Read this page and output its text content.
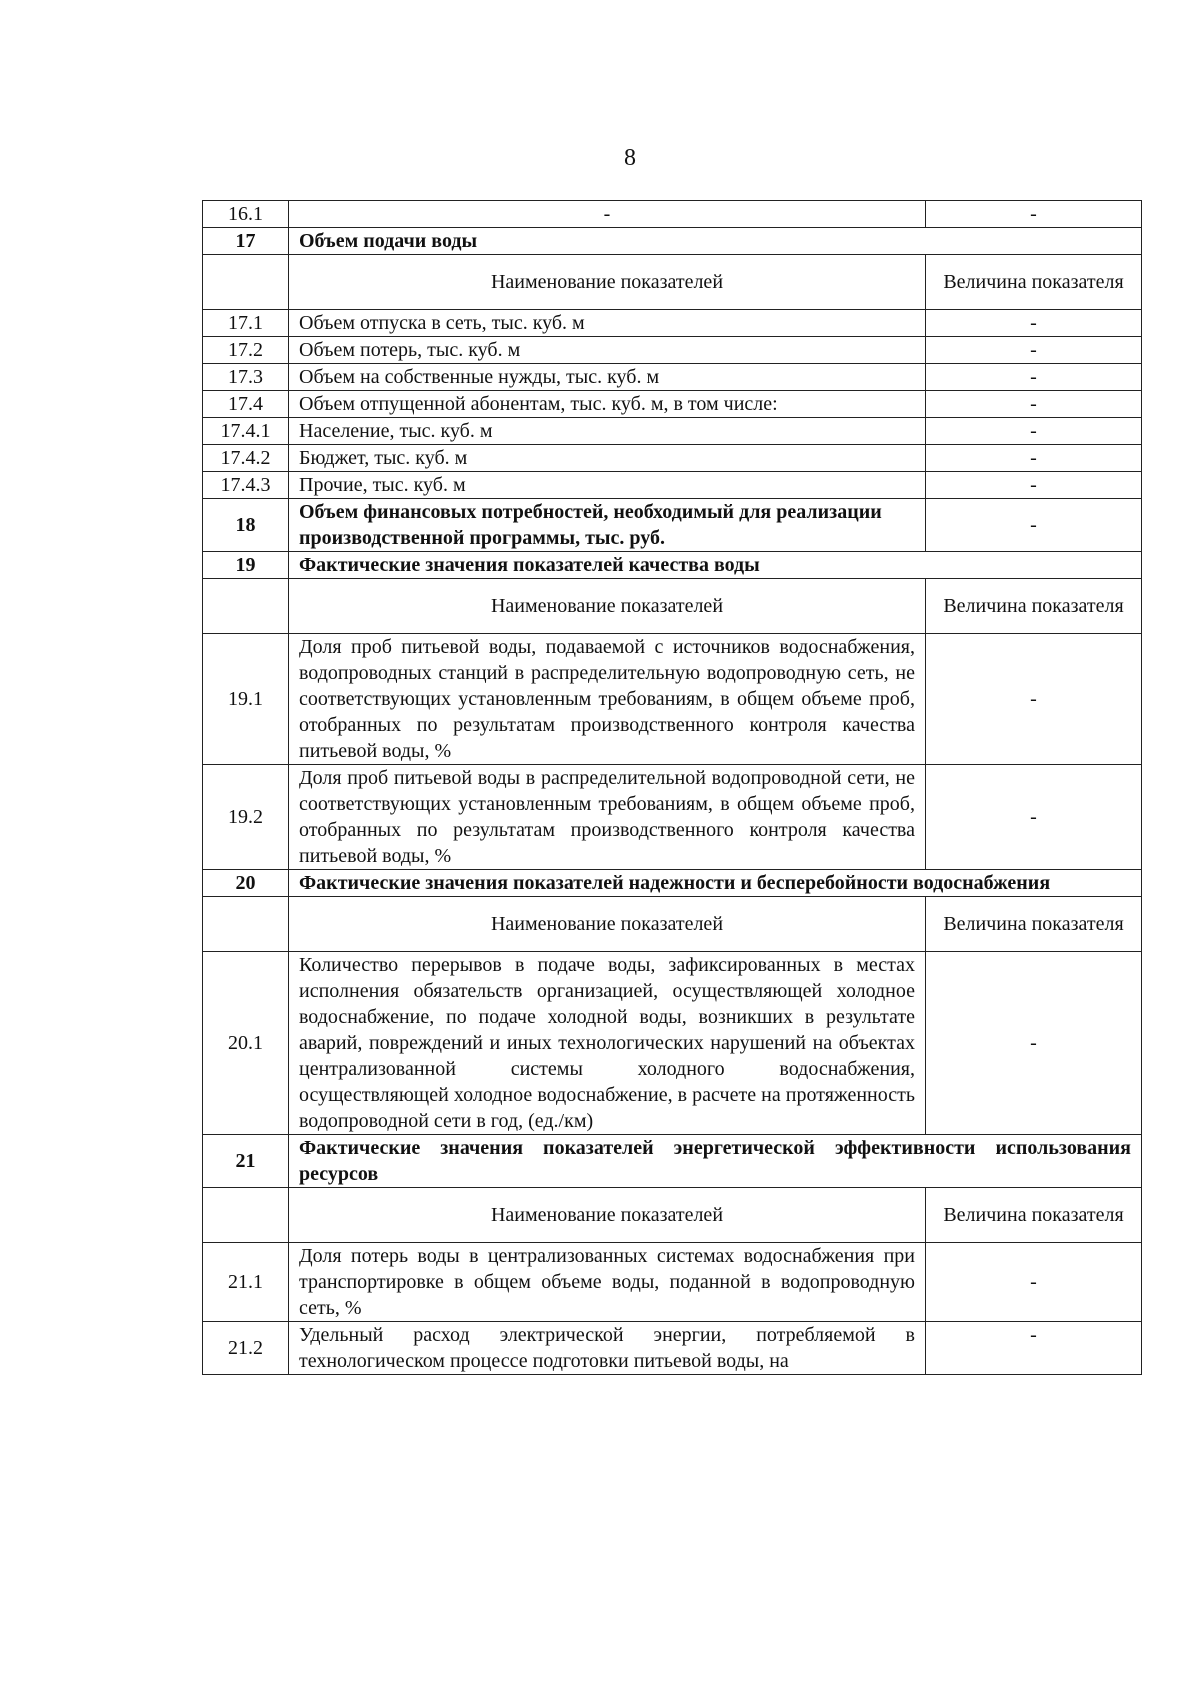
8
16.1	-	-
17	Объем подачи воды	
	Наименование показателей	Величина показателя
17.1	Объем отпуска в сеть, тыс. куб. м	-
17.2	Объем потерь, тыс. куб. м	-
17.3	Объем на собственные нужды, тыс. куб. м	-
17.4	Объем отпущенной абонентам, тыс. куб. м, в том числе:	-
17.4.1	Население, тыс. куб. м	-
17.4.2	Бюджет, тыс. куб. м	-
17.4.3	Прочие, тыс. куб. м	-
18	Объем финансовых потребностей, необходимый для реализации производственной программы, тыс. руб.	-
19	Фактические значения показателей качества воды	
	Наименование показателей	Величина показателя
19.1	Доля проб питьевой воды, подаваемой с источников водоснабжения, водопроводных станций в распределительную водопроводную сеть, не соответствующих установленным требованиям, в общем объеме проб, отобранных по результатам производственного контроля качества питьевой воды, %	-
19.2	Доля проб питьевой воды в распределительной водопроводной сети, не соответствующих установленным требованиям, в общем объеме проб, отобранных по результатам производственного контроля качества питьевой воды, %	-
20	Фактические значения показателей надежности и бесперебойности водоснабжения	
	Наименование показателей	Величина показателя
20.1	Количество перерывов в подаче воды, зафиксированных в местах исполнения обязательств организацией, осуществляющей холодное водоснабжение, по подаче холодной воды, возникших в результате аварий, повреждений и иных технологических нарушений на объектах централизованной системы холодного водоснабжения, осуществляющей холодное водоснабжение, в расчете на протяженность водопроводной сети в год, (ед./км)	-
21	Фактические значения показателей энергетической эффективности использования ресурсов	
	Наименование показателей	Величина показателя
21.1	Доля потерь воды в централизованных системах водоснабжения при транспортировке в общем объеме воды, поданной в водопроводную сеть, %	-
21.2	Удельный расход электрической энергии, потребляемой в технологическом процессе подготовки питьевой воды, на	-
